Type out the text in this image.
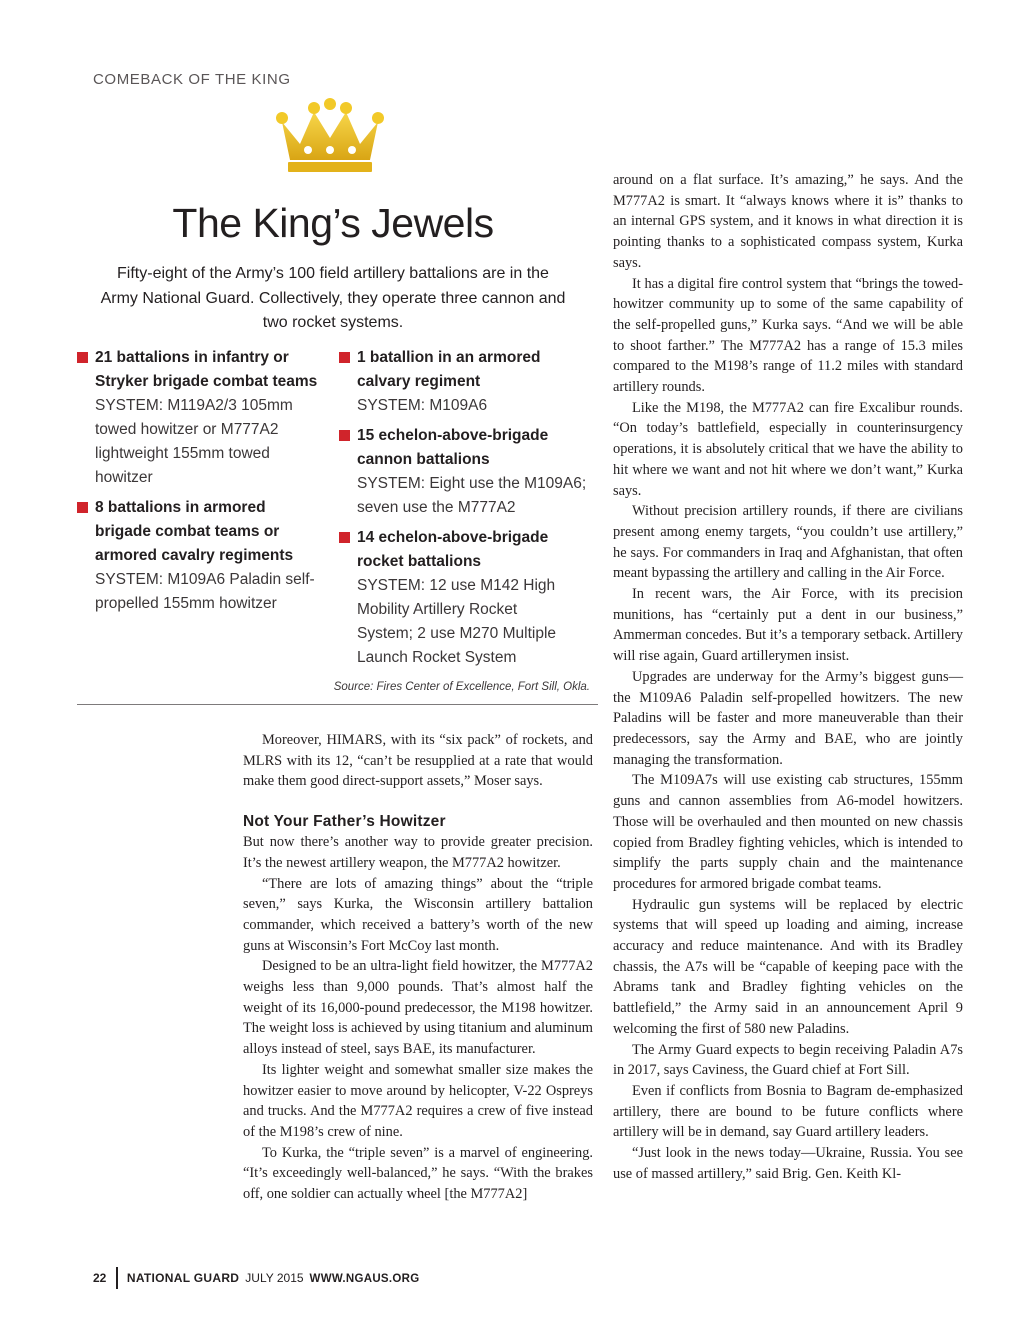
COMEBACK OF THE KING
The King’s Jewels
Fifty-eight of the Army’s 100 field artillery battalions are in the Army National Guard. Collectively, they operate three cannon and two rocket systems.
21 battalions in infantry or
Stryker brigade combat teams
SYSTEM: M119A2/3 105mm
towed howitzer or M777A2
lightweight 155mm towed
howitzer
8 battalions in armored
brigade combat teams or
armored cavalry regiments
SYSTEM: M109A6 Paladin self-
propelled 155mm howitzer
1 batallion in an armored
calvary regiment
SYSTEM: M109A6
15 echelon-above-brigade
cannon battalions
SYSTEM: Eight use the M109A6;
seven use the M777A2
14 echelon-above-brigade
rocket battalions
SYSTEM: 12 use M142 High
Mobility Artillery Rocket
System; 2 use M270 Multiple
Launch Rocket System
Source: Fires Center of Excellence, Fort Sill, Okla.

Moreover, HIMARS, with its “six pack” of rockets, and MLRS with its 12, “can’t be resupplied at a rate that would make them good direct-support assets,” Moser says.

Not Your Father’s Howitzer

But now there’s another way to provide greater precision. It’s the newest artillery weapon, the M777A2 howitzer.

“There are lots of amazing things” about the “triple seven,” says Kurka, the Wisconsin artillery battalion commander, which received a battery’s worth of the new guns at Wisconsin’s Fort McCoy last month.

Designed to be an ultra-light field howitzer, the M777A2 weighs less than 9,000 pounds. That’s almost half the weight of its 16,000-pound predecessor, the M198 howitzer. The weight loss is achieved by using titanium and aluminum alloys instead of steel, says BAE, its manufacturer.

Its lighter weight and somewhat smaller size makes the howitzer easier to move around by helicopter, V-22 Ospreys and trucks. And the M777A2 requires a crew of five instead of the M198’s crew of nine.

To Kurka, the “triple seven” is a marvel of engineering. “It’s exceedingly well-balanced,” he says. “With the brakes off, one soldier can actually wheel [the M777A2]

around on a flat surface. It’s amazing,” he says. And the M777A2 is smart. It “always knows where it is” thanks to an internal GPS system, and it knows in what direction it is pointing thanks to a sophisticated compass system, Kurka says.

It has a digital fire control system that “brings the towed-howitzer community up to some of the same capability of the self-propelled guns,” Kurka says. “And we will be able to shoot farther.” The M777A2 has a range of 15.3 miles compared to the M198’s range of 11.2 miles with standard artillery rounds.

Like the M198, the M777A2 can fire Excalibur rounds. “On today’s battlefield, especially in counterinsurgency operations, it is absolutely critical that we have the ability to hit where we want and not hit where we don’t want,” Kurka says.

Without precision artillery rounds, if there are civilians present among enemy targets, “you couldn’t use artillery,” he says. For commanders in Iraq and Afghanistan, that often meant bypassing the artillery and calling in the Air Force.

In recent wars, the Air Force, with its precision munitions, has “certainly put a dent in our business,” Ammerman concedes. But it’s a temporary setback. Artillery will rise again, Guard artillerymen insist.

Upgrades are underway for the Army’s biggest guns—the M109A6 Paladin self-propelled howitzers. The new Paladins will be faster and more maneuverable than their predecessors, say the Army and BAE, who are jointly managing the transformation.

The M109A7s will use existing cab structures, 155mm guns and cannon assemblies from A6-model howitzers. Those will be overhauled and then mounted on new chassis copied from Bradley fighting vehicles, which is intended to simplify the parts supply chain and the maintenance procedures for armored brigade combat teams.

Hydraulic gun systems will be replaced by electric systems that will speed up loading and aiming, increase accuracy and reduce maintenance. And with its Bradley chassis, the A7s will be “capable of keeping pace with the Abrams tank and Bradley fighting vehicles on the battlefield,” the Army said in an announcement April 9 welcoming the first of 580 new Paladins.

The Army Guard expects to begin receiving Paladin A7s in 2017, says Caviness, the Guard chief at Fort Sill.

Even if conflicts from Bosnia to Bagram de-emphasized artillery, there are bound to be future conflicts where artillery will be in demand, say Guard artillery leaders.

“Just look in the news today—Ukraine, Russia. You see use of massed artillery,” said Brig. Gen. Keith Kl-

22 NATIONAL GUARD JULY 2015 WWW.NGAUS.ORG
